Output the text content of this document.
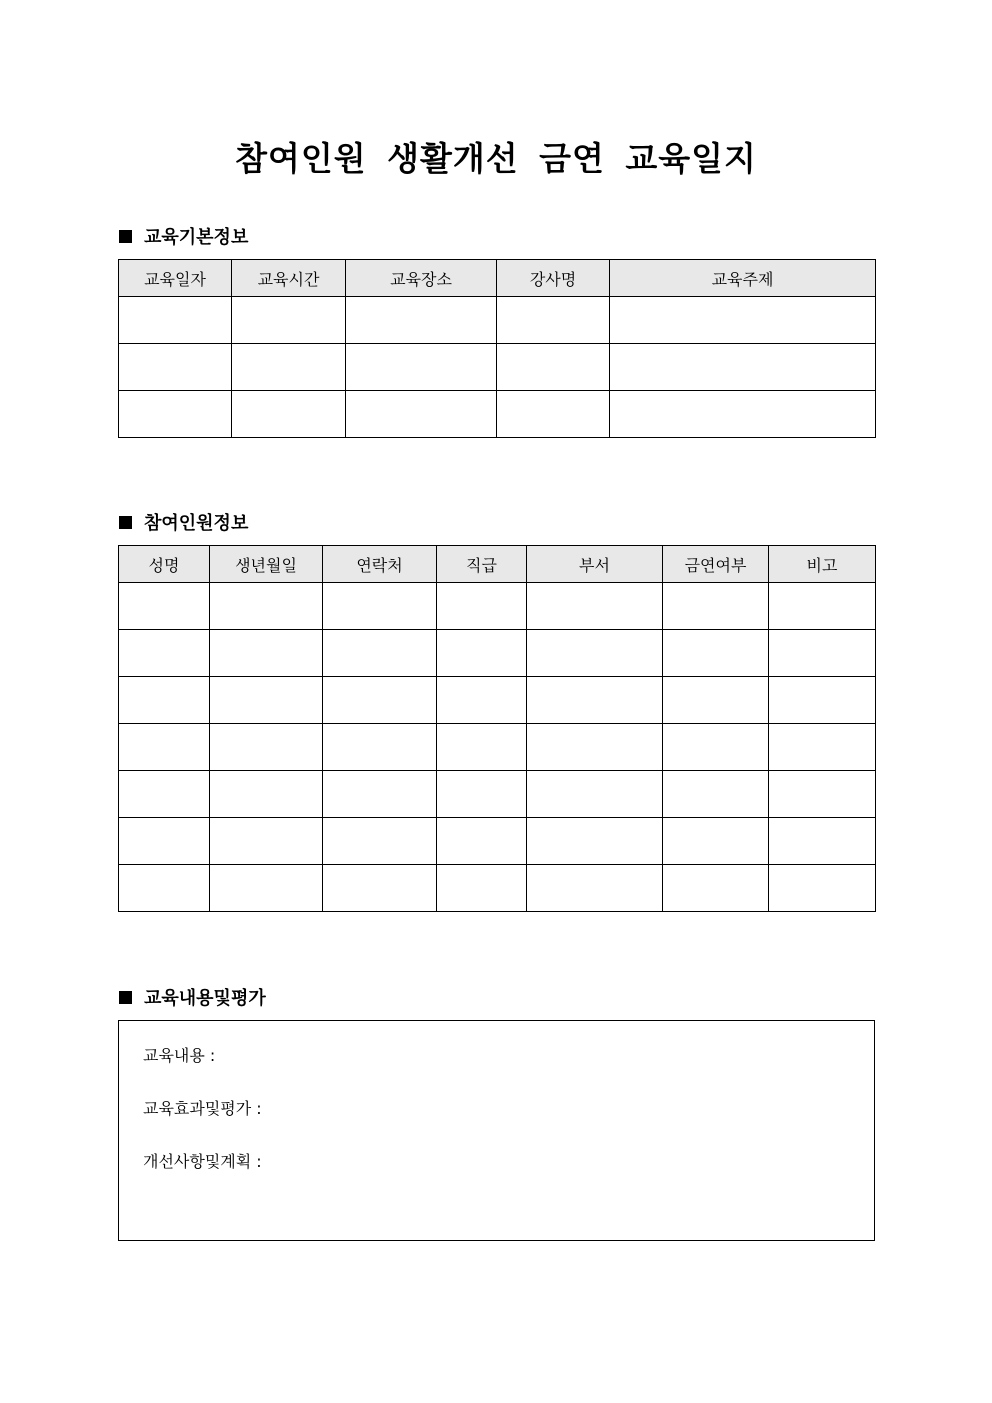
참여인원 생활개선 금연 교육일지
교육기본정보
교육일자	교육시간	교육장소	강사명	교육주제

참여인원정보
성명	생년월일	연락처	직급	부서	금연여부	비고

교육내용및평가
교육내용 :
교육효과및평가 :
개선사항및계획 :
